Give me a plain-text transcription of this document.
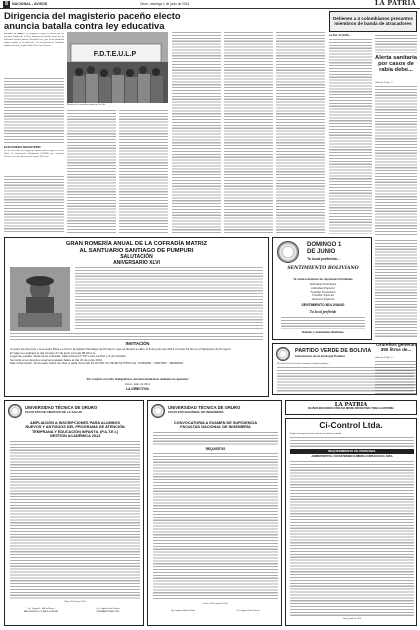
8	NACIONAL - AVISOS	Oruro, domingo 1 de junio de 2014	LA PATRIA
Dirigencia del magisterio paceño electo
anuncia batalla contra ley educativa
La Paz, 31 (ANF).- La dirigencia elegida el viernes por los maestros urbanos de La Paz, instalará una batalla contra la Ley Educativa Avelino Siñani y Elizardo Pérez, que no ha producido ningún cambio en la educación, con la intención de modificar algunos artículos, según declaró José Luis Álvarez.
ELECCIONES MAGISTERIO
En las elecciones del magisterio urbano paceño, ganó el Frente Unico de Renovación Magisterial (FURM) que encabeza Álvarez, con una diferencia de apenas 103 votos.
F.D.T.E.U.L.P
Marcha de los maestros urbanos de La Paz.
Detienen a 4 colombianos presuntos
miembros de banda de atracadores
La Paz, 31 (EFE).-
Alerta sanitaria por casos de rabia debe...
(Viene de la Pág. 1)
GRAN ROMERÍA ANUAL DE LA COFRADÍA MATRIZ
AL SANTUARIO SANTIAGO DE PUMPURI
SALUTACIÓN
ANIVERSARIO XLVI
INVITACIÓN
A todos los devotos y a la sexta Misa en honor al Apóstol Santiago de Pumpuri, que se llevará a cabo el 8 de junio del 2014 a horas 10:00 en el Santuario de Pumpuri.
El viaje se realizará el día viernes 27 de junio a horas 05:00 a.m.
Lugar de partida: Sede de la Cofradía, calle Aroma N° 517 entre La Paz y 6 de Octubre
Se inicia a los devotos reservar pasajes hasta el día 21 de junio 2014
Mas Información: En la sede todos los días a partir de horas 19:00 Telf. 52-33100 5277503 Cel. 72453050 - 73847847 - 68265562
"Por conforte con Dios Todopoderoso, derrame bendiciones mediante los Apóstoles"
Oruro, junio de 2014
LA DIRECTIVA
DOMINGO 1
DE JUNIO
Tu local preferido...
SENTIMIENTO BOLIVIANO
Te invita a disfrutar de riquísimas Parrilladas
Individual Económica
Individual Especial
Familiar Económica
Familiar Especial
Almuerzo Especial
SENTIMIENTO BOLIVIANO
Tu local preferido
Bebidas y Sentimiento Boliviano
PARTIDO VERDE DE BOLIVIA
Instrumento de la Ecología Política
El Partido Verde de Bolivia comunica a la opinión pública...
UNIVERSIDAD TÉCNICA DE ORURO
FACULTAD DE CIENCIAS DE LA SALUD
AMPLIACIÓN A INSCRIPCIONES PARA ALUMNOS
NUEVOS Y ANTIGUOS DEL PROGRAMA DE ATENCIÓN
TEMPRANA Y EDUCACIÓN INFANTIL (P.A.T.E.I.)
GESTIÓN ACADÉMICA 2014
Oruro, 29 de mayo 2014
Lic. Virginia L. Mallea Pinaya
DECANO FAC. CS. DE LA SALUD
Lic. Augusto Irala Chacón
VICERRECTOR U.T.O.
UNIVERSIDAD TÉCNICA DE ORURO
FACULTAD NACIONAL DE INGENIERÍA
CONVOCATORIA A EXAMEN DE SUFICIENCIA
FACULTAD NACIONAL DE INGENIERÍA
REQUISITOS
Oruro, 29 de mayo de 2014
Ing. Augusto Mariscal Irala	Lic. Augusto Irala Chacón
LA PATRIA
86 AÑOS EDUCANDO A BOLIVIA DESDE ORURO PARA TODA LA HISTORIA
Ci-Control Ltda.
Requiere incorporar técnico eléctrico-electrónico o similar.
REQUERIMIENTO DE PERSONAL
ADMINISTRATIVO, CON EXPERIENCIA MÍNIMA A EMPLEO EN EL ÁREA
Oruro, junio de 2014
Orureños generan 350 litros de...
(Viene de la Pág. 1)
